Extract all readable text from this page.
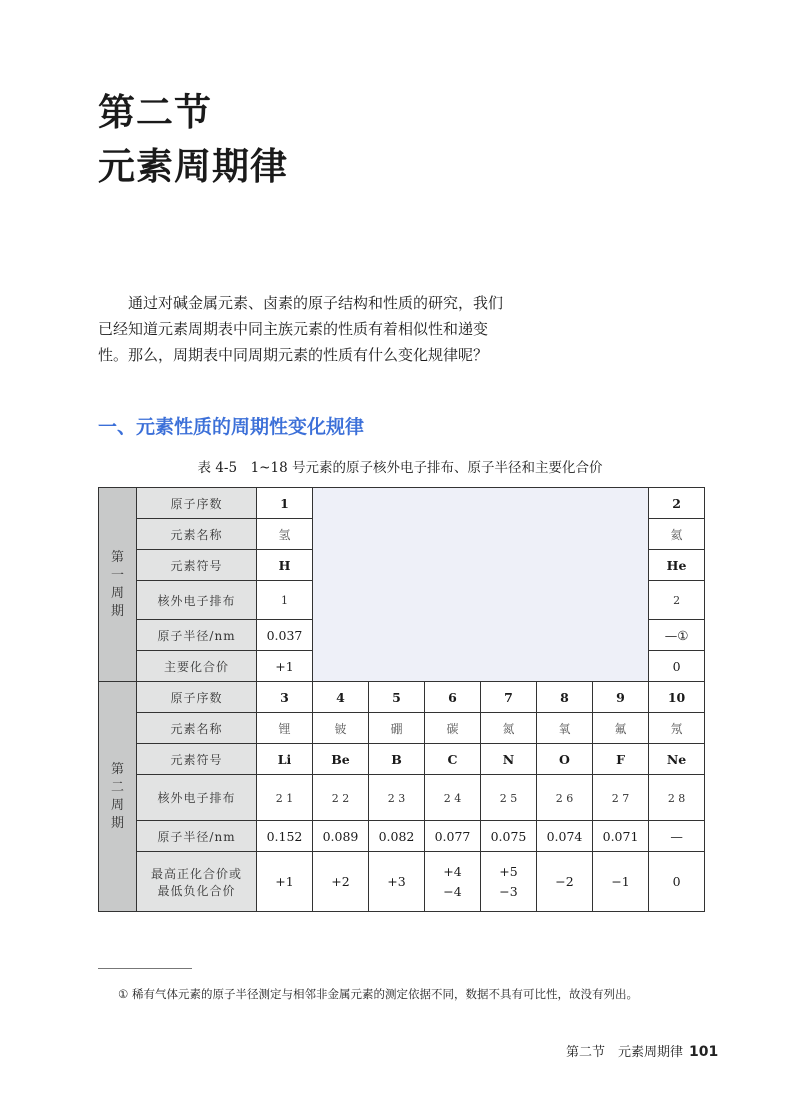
第二节
元素周期律
通过对碱金属元素、卤素的原子结构和性质的研究，我们已经知道元素周期表中同主族元素的性质有着相似性和递变性。那么，周期表中同周期元素的性质有什么变化规律呢？
一、元素性质的周期性变化规律
表 4-5　1~18 号元素的原子核外电子排布、原子半径和主要化合价
第
一
周
期	原子序数	1							2
	元素名称	氢							氦
	元素符号	H							He
	核外电子排布	1							2
	原子半径/nm	0.037							—①
	主要化合价	+1							0
第
二
周
期	原子序数	3	4	5	6	7	8	9	10
	元素名称	锂	铍	硼	碳	氮	氧	氟	氖
	元素符号	Li	Be	B	C	N	O	F	Ne
	核外电子排布	2 1	2 2	2 3	2 4	2 5	2 6	2 7	2 8
	原子半径/nm	0.152	0.089	0.082	0.077	0.075	0.074	0.071	—
	最高正化合价或
最低负化合价	+1	+2	+3	+4 −4	+5 −3	−2	−1	0
① 稀有气体元素的原子半径测定与相邻非金属元素的测定依据不同，数据不具有可比性，故没有列出。
第二节　元素周期律 101
